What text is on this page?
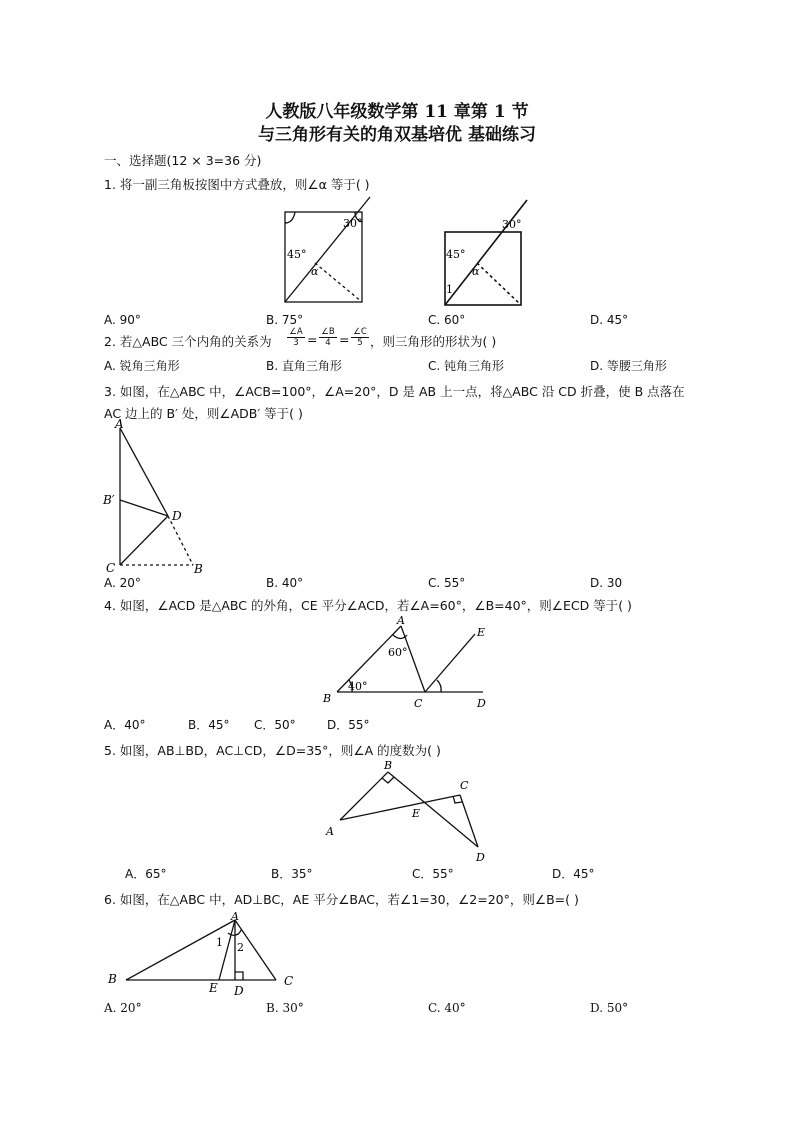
人教版八年级数学第 11 章第 1 节
与三角形有关的角双基培优 基础练习
一、选择题(12 × 3=36 分)
1. 将一副三角板按图中方式叠放，则∠α 等于( )
30°
45°
α
30°
45°
α
1
A. 90°	B. 75°	C. 60°	D. 45°
2. 若△ABC 三个内角的关系为 $\frac{\angle A}{3} = \frac{\angle B}{4} = \frac{\angle C}{5}$ ，则三角形的形状为( )
A. 锐角三角形	B. 直角三角形	C. 钝角三角形	D. 等腰三角形
3. 如图，在△ABC 中，∠ACB=100°，∠A=20°，D 是 AB 上一点，将△ABC 沿 CD 折叠，使 B 点落在
AC 边上的 B′ 处，则∠ADB′ 等于( )
A
B′
D
C	B
A. 20°	B. 40°	C. 55°	D. 30
4. 如图，∠ACD 是△ABC 的外角，CE 平分∠ACD，若∠A=60°，∠B=40°，则∠ECD 等于( )
A
60°
E
B
40°
C	D
A．40°	B．45° C．50°	D．55°
5. 如图，AB⊥BD，AC⊥CD，∠D=35°，则∠A 的度数为( )
B
C
A
E
D
A．65°	B．35°	C．55°	D．45°
6. 如图，在△ABC 中，AD⊥BC，AE 平分∠BAC，若∠1=30，∠2=20°，则∠B=( )
A
1 2
B	C
E D
A. 20°	B. 30°	C. 40°	D. 50°
